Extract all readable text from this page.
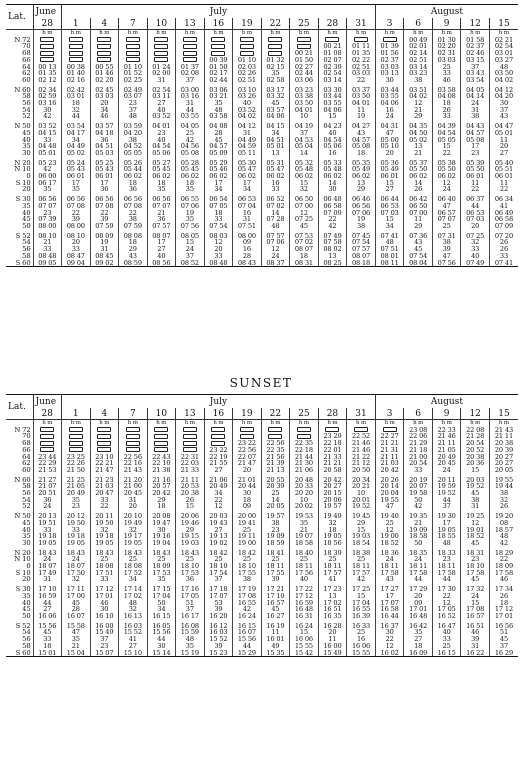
Lat.	June	July											August				
	28	1	4	7	10	13	16	19	22	25	28	31	3	6	9	12	15
	h m	h m	h m	h m	h m	h m	h m	h m	h m	h m	h m	h m	h m	h m	h m	h m	h m
N 72														00 49	01 30	01 58	02 21
70											00 21	01 11	01 39	02 01	02 20	02 37	02 54
68										00 21	01 08	01 35	01 56	02 14	02 31	02 46	03 01
66							00 39	01 10	01 32	01 50	02 07	02 22	02 37	02 51	03 03	03 15	03 27
64	00 13	00 38	00 55	01 10	01 24	01 37	01 50	02 03	02 15	02 27	02 39	02 51	03 03	03 14	25	37	48
62	01 35	01 40	01 46	01 52	02 00	02 08	02 17	02 26	35	02 44	02 54	03 03	03 13	03 23	33	03 43	03 50
60	02 12	02 16	02 20	02 25	31	37	02 44	02 51	02 58	03 06	03 14	22	30	38	46	03 54	04 02

N 60	02 34	02 42	02 45	02 49	02 54	03 00	03 06	03 10	03 17	03 23	03 30	03 37	03 44	03 51	03 58	04 05	04 12
58	02 59	03 01	03 03	03 07	03 11	03 16	03 21	03 26	03 32	03 38	03 44	03 50	03 55	04 02	04 08	04 14	04 20
56	03 16	18	20	23	27	31	35	40	45	03 50	03 55	04 01	04 06	12	18	24	30
54	30	32	34	37	40	44	48	03 52	03 57	04 01	04 06	11	16	21	26	31	37
52	42	44	46	48	03 52	03 55	03 58	04 02	04 06	10	15	19	24	29	33	38	43

N 50	03 52	03 54	03 57	03 59	04 01	04 05	04 08	04 12	04 15	04 19	04 23	04 27	04 31	04 35	04 39	04 43	04 47
45	04 15	04 17	04 18	04 20	23	25	28	31	34	37	40	43	47	04 50	04 54	04 57	05 01
40	33	34	36	38	40	42	45	04 49	04 51	04 53	04 54	04 57	05 00	05 02	05 05	05 08	11
35	04 48	04 49	04 51	04 52	04 54	04 56	04 57	04 59	05 01	05 04	05 06	05 08	05 10	13	15	17	20
30	05 01	05 02	05 03	05 05	05 06	05 08	05 09	05 11	13	14	16	18	20	21	22	23	27

N 20	05 23	05 24	05 25	05 26	05 27	05 28	05 29	05 30	05 31	05 32	05 33	05 35	05 36	05 37	05 38	05 39	05 40
N 10	42	05 43	05 43	05 44	05 45	05 45	05 46	05 47	05 47	05 48	05 48	05 49	05 49	05 50	05 50	05 50	05 51
0	06 00	06 01	06 01	06 02	06 02	06 02	06 02	06 02	06 02	06 02	06 02	06 02	06 01	06 02	06 02	06 01	06 01
S 10	06 17	17	17	18	18	18	17	17	16	15	14	13	15	14	12	11	11
20	35	35	36	36	35	35	34	34	33	32	30	29	27	26	24	22	22

S 30	06 56	06 56	06 56	06 56	06 56	06 55	06 54	06 53	06 52	06 50	06 48	06 46	06 44	06 42	06 40	06 37	06 34
35	07 07	07 08	07 08	07 08	07 07	07 06	07 05	07 04	07 02	07 00	06 58	06 56	06 53	06 50	47	44	41
40	23	22	22	22	21	19	18	16	14	12	07 09	07 06	07 03	07 00	06 57	06 53	06 49
45	07 39	39	39	38	36	35	33	31	07 28	07 25	22	19	15	11	07 07	07 03	06 58
50	08 00	08 00	07 59	07 59	07 57	07 56	07 54	07 51	48	45	42	38	34	29	25	20	07 09

S 52	08 10	08 10	08 09	08 08	08 07	08 05	08 03	08 00	07 57	07 53	07 49	07 45	07 41	07 36	07 31	07 25	07 20
54	21	20	19	18	17	15	12	09	07 06	07 02	07 58	07 54	48	43	38	32	26
56	33	33	31	29	27	24	20	16	12	08 07	08 02	07 57	07 51	45	39	33	26
58	08 48	08 47	08 45	43	40	37	33	28	24	18	13	08 07	08 01	07 54	47	40	33
S 60	09 05	09 04	09 02	08 59	08 56	08 52	08 48	08 43	08 37	08 31	08 25	08 18	08 11	08 04	07 56	07 49	07 41
SUNSET
Lat.	June	July											August				
	28	1	4	7	10	13	16	19	22	25	28	31	3	6	9	12	15
	h m	h m	h m	h m	h m	h m	h m	h m	h m	h m	h m	h m	h m	h m	h m	h m	h m
N 72														23 08	22 33	22 08	21 43
70											23 29	22 52	22 27	22 06	21 46	21 28	21 11
68								23 22	22 56	22 35	22 18	21 46	21 21	21 29	21 11	20 54	20 38
66							23 22	22 56	22 35	22 18	22 01	21 46	21 31	21 18	21 05	20 52	20 39
64	23 44	23 25	23 10	22 56	22 43	22 31	22 19	22 07	21 56	21 44	21 33	21 22	21 11	21 00	20 49	20 38	20 27
62	22 29	22 26	22 21	22 16	22 10	22 03	21 55	21 47	21 39	21 30	21 21	21 12	21 03	20 54	20 45	20 36	20 27
60	21 53	21 50	21 47	21 43	21 38	21 33	27	20	21 13	21 06	20 58	20 50	20 42	33	24	15	20 05

N 60	21 27	21 25	21 23	21 20	21 16	21 11	21 06	21 01	20 55	20 48	20 42	20 34	20 26	20 19	20 11	20 03	19 55
58	21 07	21 05	21 03	21 00	20 57	20 53	20 49	20 44	20 39	20 33	20 27	20 21	20 14	20 07	19 59	19 52	19 44
56	20 51	20 49	20 47	20 45	20 42	20 38	34	30	25	20 20	20 15	10	20 04	19 58	19 52	45	38
54	36	35	33	31	29	26	22	18	14	10	20 06	20 01	19 55	50	44	38	32
52	24	23	22	20	18	15	12	09	20 05	20 02	19 57	19 52	47	42	37	31	26

N 50	20 13	20 12	20 11	20 10	20 08	20 06	20 03	20 00	19 57	19 53	19 49	19 45	19 40	19 35	19 30	19 25	19 20
45	19 51	19 50	19 50	19 49	19 47	19 46	19 43	19 41	38	35	32	29	25	21	17	12	08
40	33	33	32	32	30	29	27	25	23	21	18	15	12	19 09	19 05	19 01	18 57
35	19 18	19 18	19 18	19 17	19 16	19 15	19 13	19 11	19 09	19 07	19 05	19 03	19 00	18 58	18 55	18 52	48
30	19 05	19 05	19 05	19 05	19 04	19 03	19 02	19 00	18 59	18 58	18 56	18 54	18 52	50	48	45	42

N 20	18 43	18 43	18 43	18 43	18 43	18 43	18 42	18 42	18 41	18 40	18 39	18 38	18 36	18 35	18 33	18 31	18 29
N 10	24	24	25	25	25	25	25	25	25	25	25	25	24	24	23	23	22
0	18 07	18 07	18 08	18 08	18 09	18 10	18 10	18 10	18 11	18 11	18 11	18 11	18 11	18 11	18 11	18 10	18 09
S 10	17 49	17 50	17 51	17 52	17 53	17 53	17 54	17 55	17 55	17 56	17 57	17 57	17 58	17 58	17 58	17 58	17 58
20	31	32	33	34	35	36	37	38	39	40	41	42	43	44	44	45	46

S 30	17 10	17 11	17 12	17 14	17 15	17 16	17 18	17 19	17 21	17 22	17 23	17 25	17 27	17 29	17 30	17 32	17 34
35	16 59	17 00	17 01	17 02	17 04	17 05	17 07	17 08	17 10	17 12	13	15	17	20	22	24	26
40	44	45	46	48	50	51	53	16 55	16 57	16 59	17 02	17 04	17 07	09	12	15	18
45	27	28	30	32	34	37	39	42	45	16 48	16 51	16 55	16 58	17 01	17 05	17 08	17 12
50	16 06	16 07	16 10	16 13	16 15	16 17	16 20	16 24	16 27	16 31	16 35	16 39	16 44	16 48	16 52	16 57	17 01

S 52	15 56	15 58	16 00	16 03	16 05	16 08	16 12	16 15	16 19	16 24	16 28	16 33	16 37	16 42	16 47	16 51	16 56
54	45	47	15 49	15 52	15 56	15 59	16 03	16 07	11	15	20	25	30	35	40	46	51
56	33	35	37	41	44	48	15 52	15 56	16 01	16 06	11	16	22	27	33	39	45
58	18	21	23	27	30	35	39	44	49	15 55	16 00	16 06	12	18	25	31	37
S 60	15 01	15 04	15 07	15 10	15 14	15 19	15 23	15 29	15 35	15 42	15 49	15 55	16 02	16 09	16 15	16 22	16 29
